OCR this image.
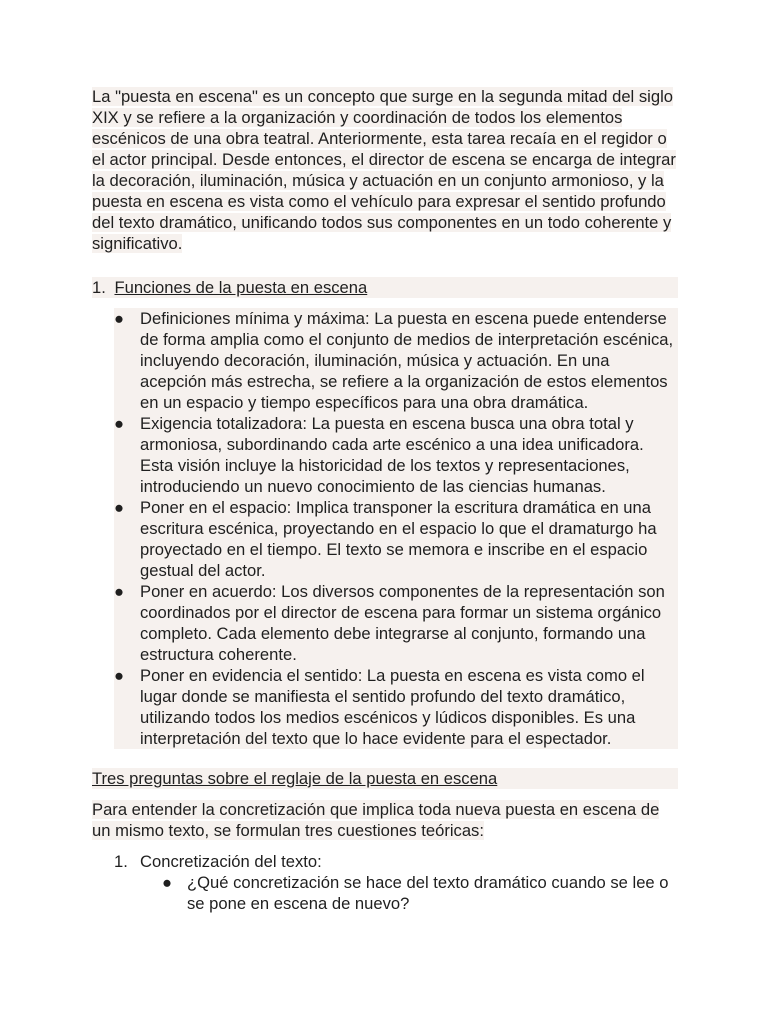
La "puesta en escena" es un concepto que surge en la segunda mitad del siglo XIX y se refiere a la organización y coordinación de todos los elementos escénicos de una obra teatral. Anteriormente, esta tarea recaía en el regidor o el actor principal. Desde entonces, el director de escena se encarga de integrar la decoración, iluminación, música y actuación en un conjunto armonioso, y la puesta en escena es vista como el vehículo para expresar el sentido profundo del texto dramático, unificando todos sus componentes en un todo coherente y significativo.

1. Funciones de la puesta en escena
● Definiciones mínima y máxima: La puesta en escena puede entenderse de forma amplia como el conjunto de medios de interpretación escénica, incluyendo decoración, iluminación, música y actuación. En una acepción más estrecha, se refiere a la organización de estos elementos en un espacio y tiempo específicos para una obra dramática.
● Exigencia totalizadora: La puesta en escena busca una obra total y armoniosa, subordinando cada arte escénico a una idea unificadora. Esta visión incluye la historicidad de los textos y representaciones, introduciendo un nuevo conocimiento de las ciencias humanas.
● Poner en el espacio: Implica transponer la escritura dramática en una escritura escénica, proyectando en el espacio lo que el dramaturgo ha proyectado en el tiempo. El texto se memora e inscribe en el espacio gestual del actor.
● Poner en acuerdo: Los diversos componentes de la representación son coordinados por el director de escena para formar un sistema orgánico completo. Cada elemento debe integrarse al conjunto, formando una estructura coherente.
● Poner en evidencia el sentido: La puesta en escena es vista como el lugar donde se manifiesta el sentido profundo del texto dramático, utilizando todos los medios escénicos y lúdicos disponibles. Es una interpretación del texto que lo hace evidente para el espectador.
Tres preguntas sobre el reglaje de la puesta en escena

Para entender la concretización que implica toda nueva puesta en escena de un mismo texto, se formulan tres cuestiones teóricas:

1. Concretización del texto:
● ¿Qué concretización se hace del texto dramático cuando se lee o se pone en escena de nuevo?
